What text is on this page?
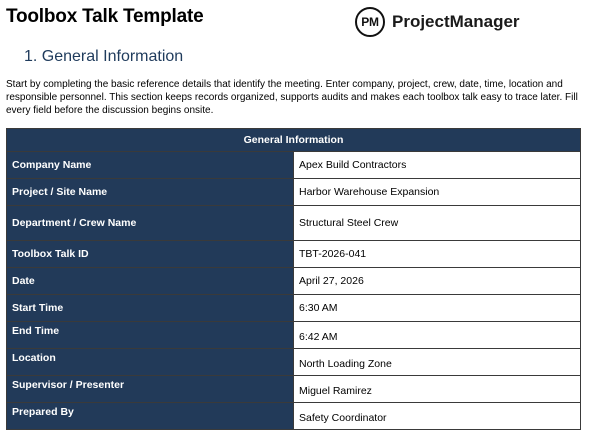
Toolbox Talk Template	PM ProjectManager
1. General Information
Start by completing the basic reference details that identify the meeting. Enter company, project, crew, date, time, location and responsible personnel. This section keeps records organized, supports audits and makes each toolbox talk easy to trace later. Fill every field before the discussion begins onsite.
General Information	
Company Name	Apex Build Contractors
Project / Site Name	Harbor Warehouse Expansion
Department / Crew Name	Structural Steel Crew
Toolbox Talk ID	TBT-2026-041
Date	April 27, 2026
Start Time	6:30 AM
End Time	6:42 AM
Location	North Loading Zone
Supervisor / Presenter	Miguel Ramirez
Prepared By	Safety Coordinator
